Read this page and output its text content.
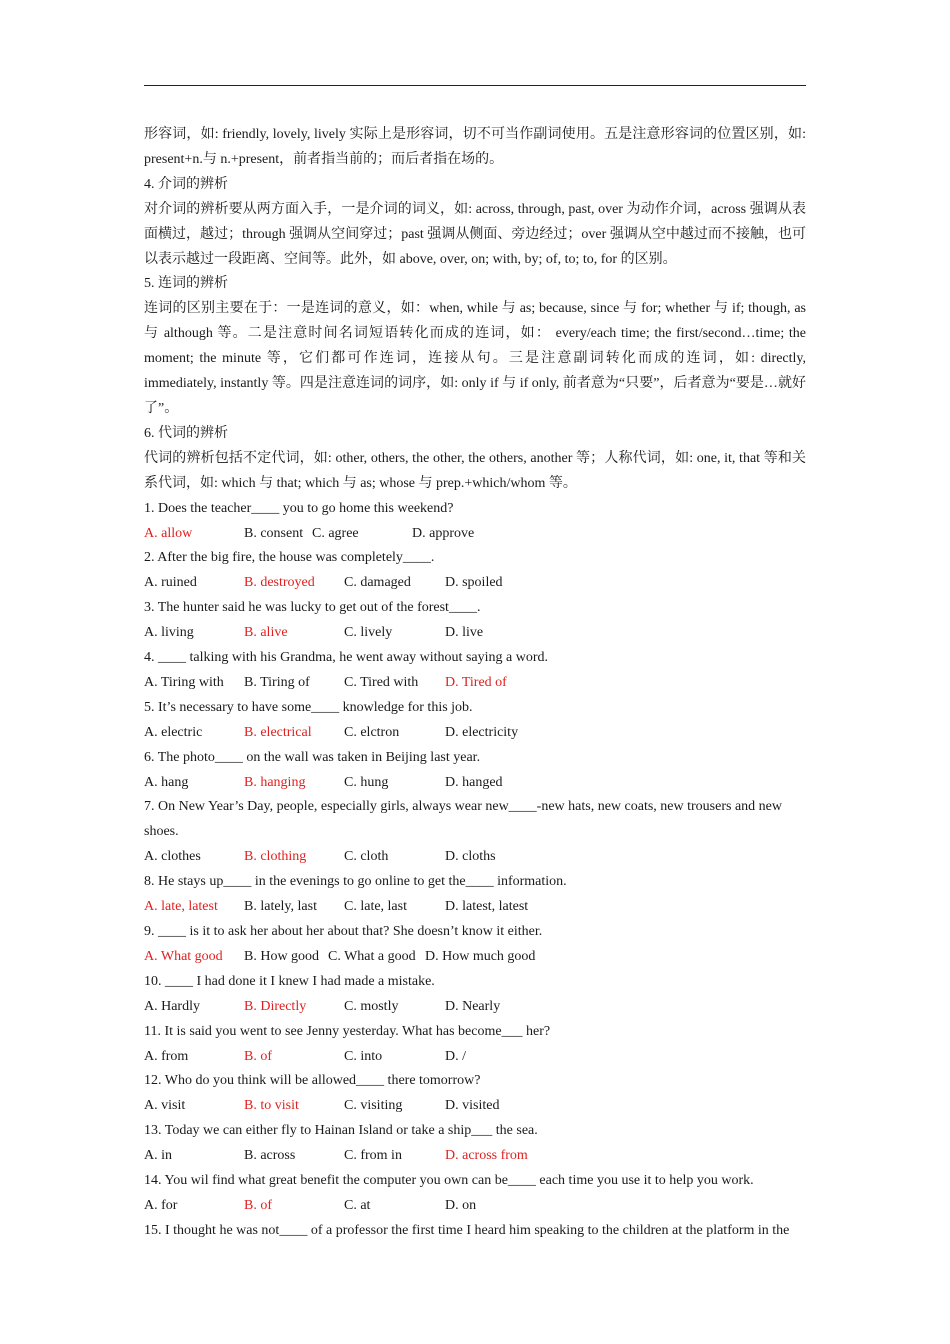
形容词，如: friendly, lovely, lively 实际上是形容词，切不可当作副词使用。五是注意形容词的位置区别，如: present+n.与 n.+present，前者指当前的；而后者指在场的。

4. 介词的辨析

对介词的辨析要从两方面入手，一是介词的词义，如: across, through, past, over 为动作介词，across 强调从表面横过，越过；through 强调从空间穿过；past 强调从侧面、旁边经过；over 强调从空中越过而不接触，也可以表示越过一段距离、空间等。此外，如 above, over, on; with, by; of, to; to, for 的区别。

5. 连词的辨析

连词的区别主要在于：一是连词的意义，如：when, while 与 as; because, since 与 for; whether 与 if; though, as 与 although 等。二是注意时间名词短语转化而成的连词，如： every/each time; the first/second…time; the moment; the minute 等，它们都可作连词，连接从句。三是注意副词转化而成的连词，如: directly, immediately, instantly 等。四是注意连词的词序，如: only if 与 if only, 前者意为“只要”，后者意为“要是…就好了”。

6. 代词的辨析

代词的辨析包括不定代词，如: other, others, the other, the others, another 等；人称代词，如: one, it, that 等和关系代词，如: which 与 that; which 与 as; whose 与 prep.+which/whom 等。

1. Does the teacher____ you to go home this weekend?

A. allow	B. consent C. agree	D. approve

2. After the big fire, the house was completely____.

A. ruined	B. destroyed C. damaged D. spoiled

3. The hunter said he was lucky to get out of the forest____.

A. living	B. alive	C. lively	D. live

4. ____ talking with his Grandma, he went away without saying a word.

A. Tiring with B. Tiring of C. Tired with D. Tired of

5. It’s necessary to have some____ knowledge for this job.

A. electric	B. electrical C. elctron	D. electricity

6. The photo____ on the wall was taken in Beijing last year.

A. hang	B. hanging	C. hung	D. hanged

7. On New Year’s Day, people, especially girls, always wear new____-new hats, new coats, new trousers and new shoes.

A. clothes	B. clothing	C. cloth	D. cloths

8. He stays up____ in the evenings to go online to get the____ information.

A. late, latest B. lately, last C. late, last	D. latest, latest

9. ____ is it to ask her about her about that? She doesn’t know it either.

A. What good B. How good C. What a good D. How much good

10. ____ I had done it I knew I had made a mistake.

A. Hardly	B. Directly	C. mostly	D. Nearly

11. It is said you went to see Jenny yesterday. What has become___ her?

A. from	B. of	C. into	D. /

12. Who do you think will be allowed____ there tomorrow?

A. visit	B. to visit	C. visiting	D. visited

13. Today we can either fly to Hainan Island or take a ship___ the sea.

A. in	B. across	C. from in	D. across from

14. You wil find what great benefit the computer you own can be____ each time you use it to help you work.

A. for	B. of	C. at	D. on

15. I thought he was not____ of a professor the first time I heard him speaking to the children at the platform in the
